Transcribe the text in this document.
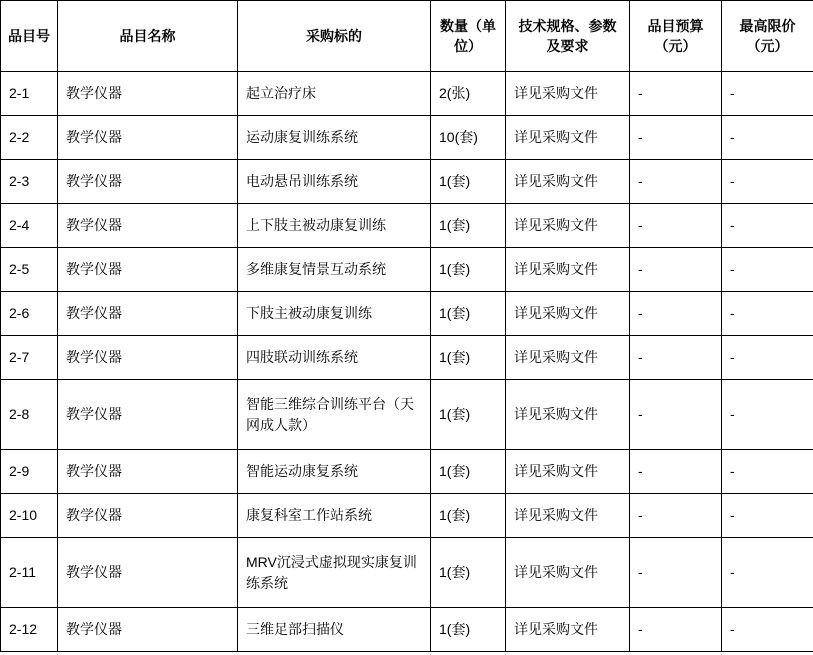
品目号	品目名称	采购标的	数量（单位）	技术规格、参数及要求	品目预算（元）	最高限价（元）
2-1	教学仪器	起立治疗床	2(张)	详见采购文件	-	-
2-2	教学仪器	运动康复训练系统	10(套)	详见采购文件	-	-
2-3	教学仪器	电动悬吊训练系统	1(套)	详见采购文件	-	-
2-4	教学仪器	上下肢主被动康复训练	1(套)	详见采购文件	-	-
2-5	教学仪器	多维康复情景互动系统	1(套)	详见采购文件	-	-
2-6	教学仪器	下肢主被动康复训练	1(套)	详见采购文件	-	-
2-7	教学仪器	四肢联动训练系统	1(套)	详见采购文件	-	-
2-8	教学仪器	智能三维综合训练平台（天网成人款）	1(套)	详见采购文件	-	-
2-9	教学仪器	智能运动康复系统	1(套)	详见采购文件	-	-
2-10	教学仪器	康复科室工作站系统	1(套)	详见采购文件	-	-
2-11	教学仪器	MRV沉浸式虚拟现实康复训练系统	1(套)	详见采购文件	-	-
2-12	教学仪器	三维足部扫描仪	1(套)	详见采购文件	-	-
